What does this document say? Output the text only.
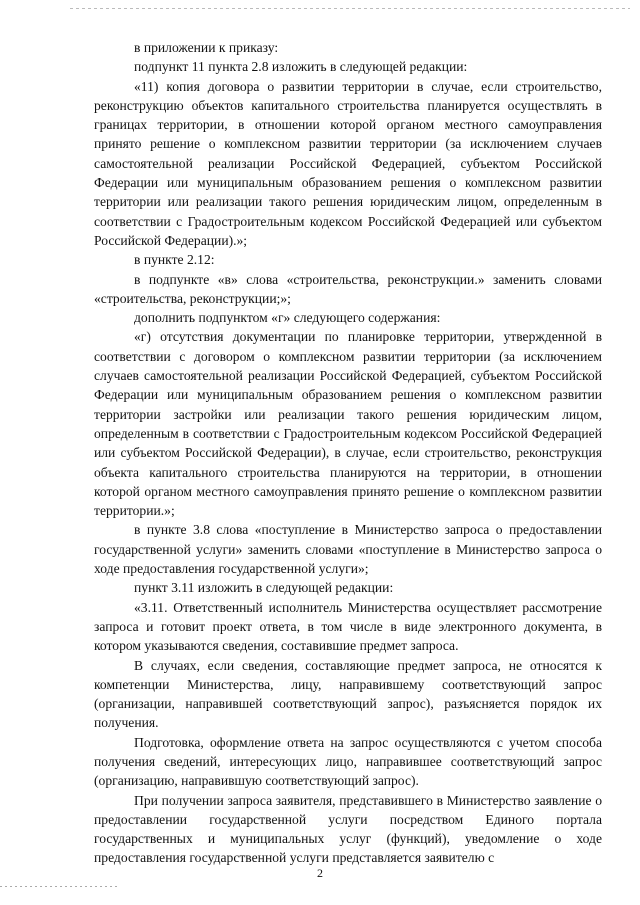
в приложении к приказу:

подпункт 11 пункта 2.8 изложить в следующей редакции:

«11) копия договора о развитии территории в случае, если строительство, реконструкцию объектов капитального строительства планируется осуществлять в границах территории, в отношении которой органом местного самоуправления принято решение о комплексном развитии территории (за исключением случаев самостоятельной реализации Российской Федерацией, субъектом Российской Федерации или муниципальным образованием решения о комплексном развитии территории или реализации такого решения юридическим лицом, определенным в соответствии с Градостроительным кодексом Российской Федерацией или субъектом Российской Федерации).»;

в пункте 2.12:

в подпункте «в» слова «строительства, реконструкции.» заменить словами «строительства, реконструкции;»;

дополнить подпунктом «г» следующего содержания:

«г) отсутствия документации по планировке территории, утвержденной в соответствии с договором о комплексном развитии территории (за исключением случаев самостоятельной реализации Российской Федерацией, субъектом Российской Федерации или муниципальным образованием решения о комплексном развитии территории застройки или реализации такого решения юридическим лицом, определенным в соответствии с Градостроительным кодексом Российской Федерацией или субъектом Российской Федерации), в случае, если строительство, реконструкция объекта капитального строительства планируются на территории, в отношении которой органом местного самоуправления принято решение о комплексном развитии территории.»;

в пункте 3.8 слова «поступление в Министерство запроса о предоставлении государственной услуги» заменить словами «поступление в Министерство запроса о ходе предоставления государственной услуги»;

пункт 3.11 изложить в следующей редакции:

«3.11. Ответственный исполнитель Министерства осуществляет рассмотрение запроса и готовит проект ответа, в том числе в виде электронного документа, в котором указываются сведения, составившие предмет запроса.

В случаях, если сведения, составляющие предмет запроса, не относятся к компетенции Министерства, лицу, направившему соответствующий запрос (организации, направившей соответствующий запрос), разъясняется порядок их получения.

Подготовка, оформление ответа на запрос осуществляются с учетом способа получения сведений, интересующих лицо, направившее соответствующий запрос (организацию, направившую соответствующий запрос).

При получении запроса заявителя, представившего в Министерство заявление о предоставлении государственной услуги посредством Единого портала государственных и муниципальных услуг (функций), уведомление о ходе предоставления государственной услуги представляется заявителю с

2
